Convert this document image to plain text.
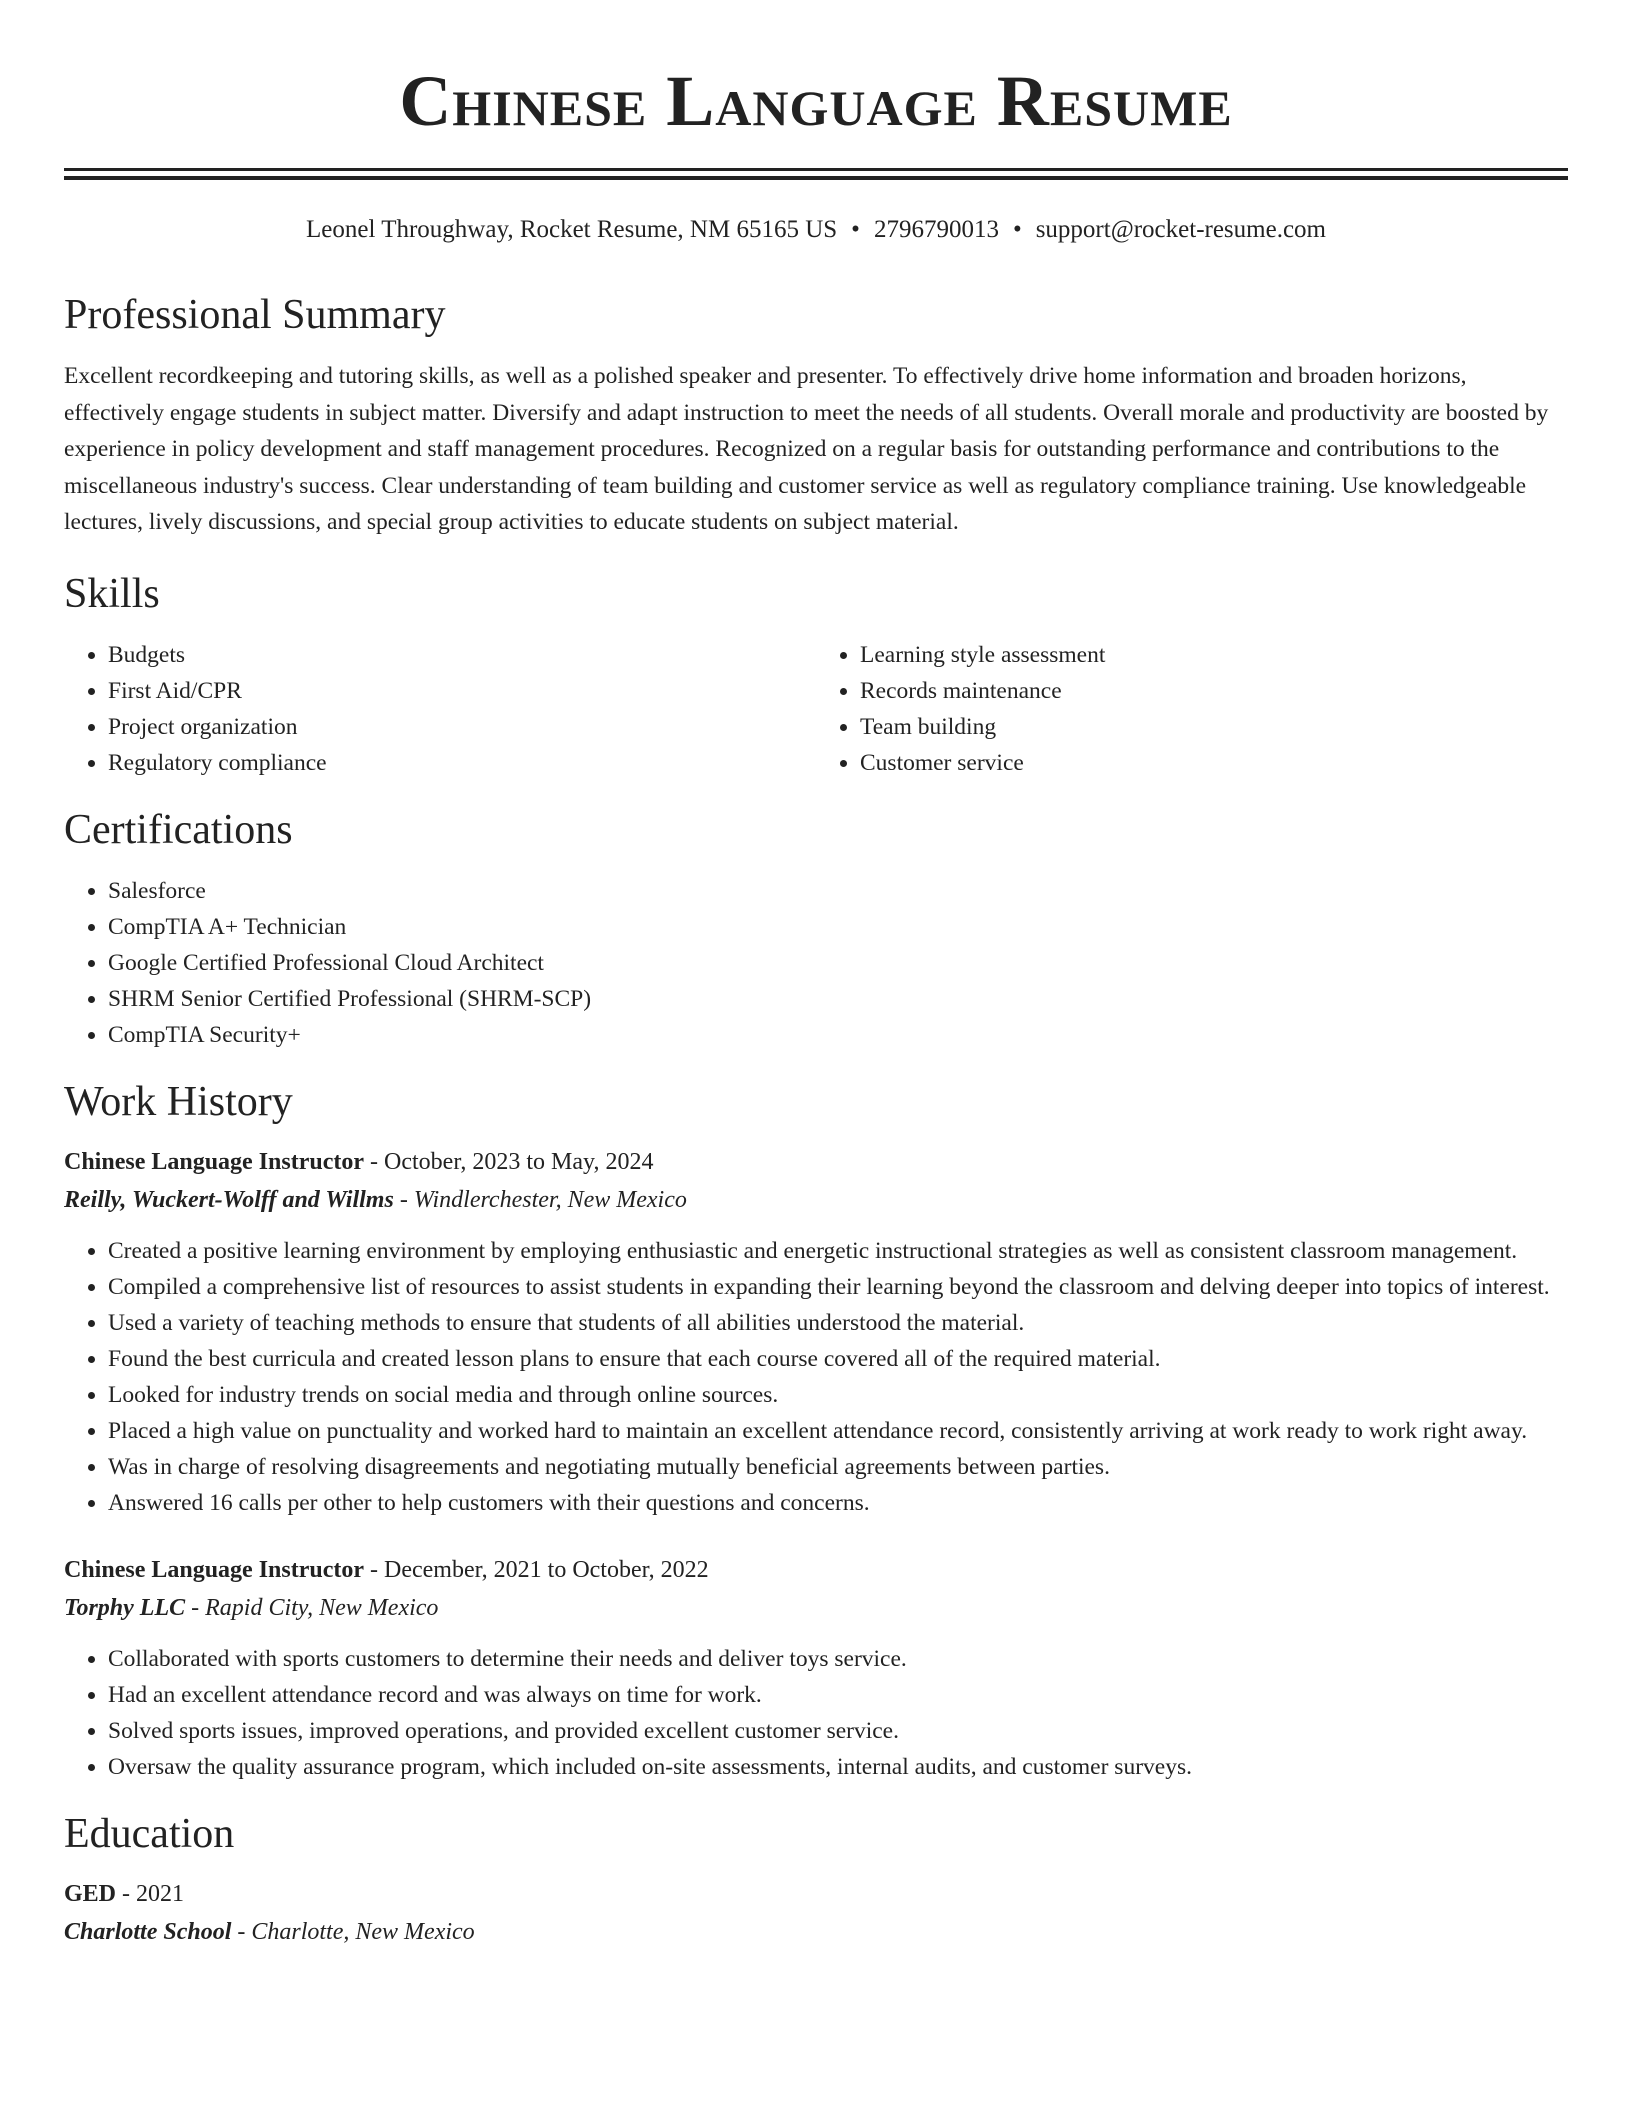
Chinese Language Resume
Leonel Throughway, Rocket Resume, NM 65165 US • 2796790013 • support@rocket-resume.com
Professional Summary

Excellent recordkeeping and tutoring skills, as well as a polished speaker and presenter. To effectively drive home information and broaden horizons, effectively engage students in subject matter. Diversify and adapt instruction to meet the needs of all students. Overall morale and productivity are boosted by experience in policy development and staff management procedures. Recognized on a regular basis for outstanding performance and contributions to the miscellaneous industry's success. Clear understanding of team building and customer service as well as regulatory compliance training. Use knowledgeable lectures, lively discussions, and special group activities to educate students on subject material.

Skills
• Budgets
• First Aid/CPR
• Project organization
• Regulatory compliance
• Learning style assessment
• Records maintenance
• Team building
• Customer service
Certifications
• Salesforce
• CompTIA A+ Technician
• Google Certified Professional Cloud Architect
• SHRM Senior Certified Professional (SHRM-SCP)
• CompTIA Security+
Work History
Chinese Language Instructor - October, 2023 to May, 2024
Reilly, Wuckert-Wolff and Willms - Windlerchester, New Mexico
• Created a positive learning environment by employing enthusiastic and energetic instructional strategies as well as consistent classroom management.
• Compiled a comprehensive list of resources to assist students in expanding their learning beyond the classroom and delving deeper into topics of interest.
• Used a variety of teaching methods to ensure that students of all abilities understood the material.
• Found the best curricula and created lesson plans to ensure that each course covered all of the required material.
• Looked for industry trends on social media and through online sources.
• Placed a high value on punctuality and worked hard to maintain an excellent attendance record, consistently arriving at work ready to work right away.
• Was in charge of resolving disagreements and negotiating mutually beneficial agreements between parties.
• Answered 16 calls per other to help customers with their questions and concerns.
Chinese Language Instructor - December, 2021 to October, 2022
Torphy LLC - Rapid City, New Mexico
• Collaborated with sports customers to determine their needs and deliver toys service.
• Had an excellent attendance record and was always on time for work.
• Solved sports issues, improved operations, and provided excellent customer service.
• Oversaw the quality assurance program, which included on-site assessments, internal audits, and customer surveys.
Education
GED - 2021
Charlotte School - Charlotte, New Mexico
